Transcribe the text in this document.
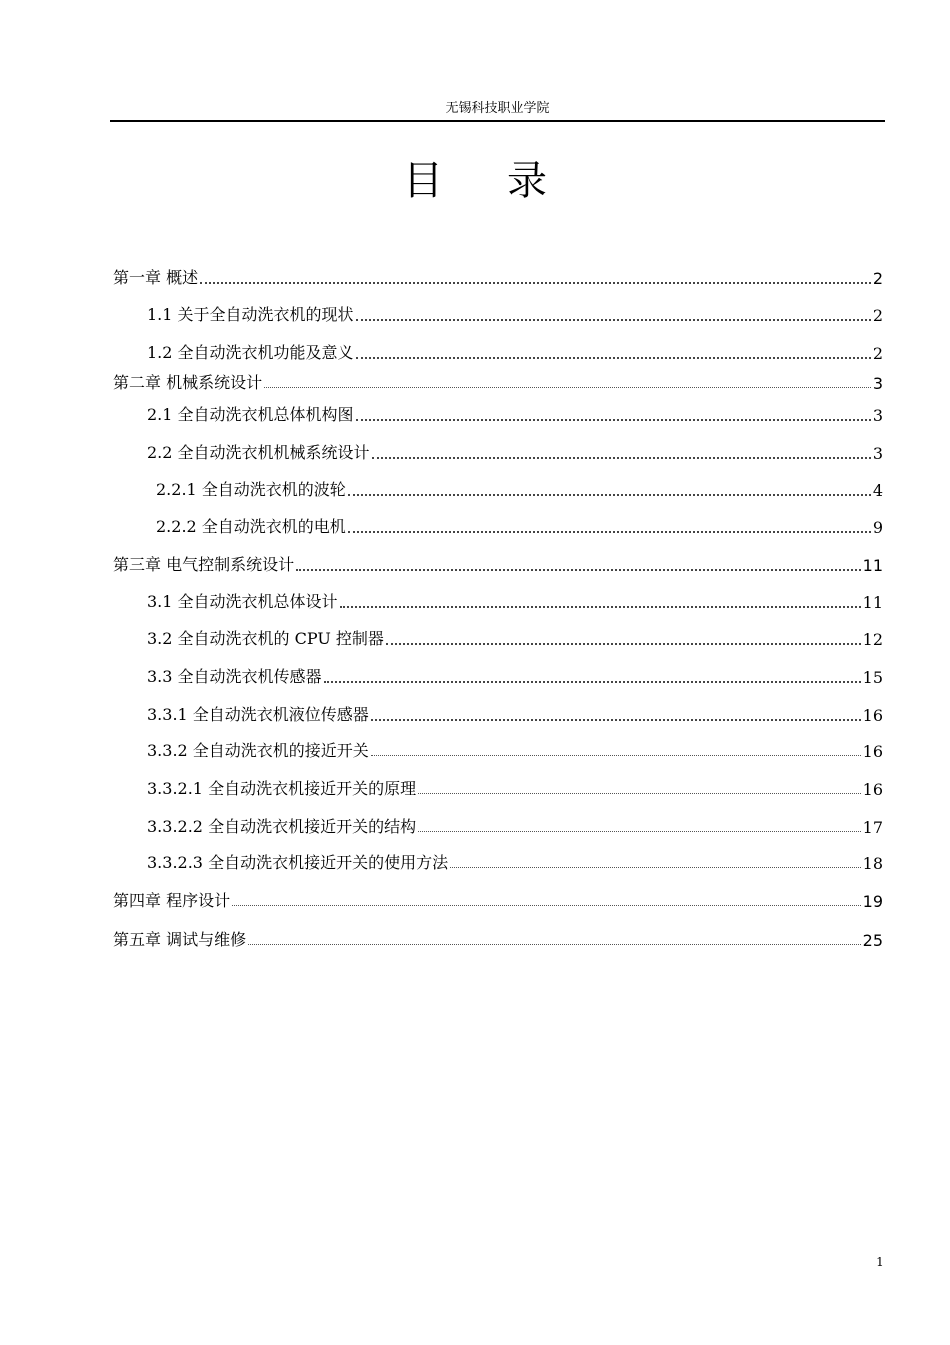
无锡科技职业学院
目 录
第一章 概述	2
1.1 关于全自动洗衣机的现状	2
1.2 全自动洗衣机功能及意义	2
第二章 机械系统设计	3
2.1 全自动洗衣机总体机构图	3
2.2 全自动洗衣机机械系统设计	3
2.2.1 全自动洗衣机的波轮	4
2.2.2 全自动洗衣机的电机	9
第三章 电气控制系统设计	11
3.1 全自动洗衣机总体设计	11
3.2 全自动洗衣机的 CPU 控制器	12
3.3 全自动洗衣机传感器	15
3.3.1 全自动洗衣机液位传感器	16
3.3.2 全自动洗衣机的接近开关	16
3.3.2.1 全自动洗衣机接近开关的原理	16
3.3.2.2 全自动洗衣机接近开关的结构	17
3.3.2.3 全自动洗衣机接近开关的使用方法	18
第四章 程序设计	19
第五章 调试与维修	25
1
